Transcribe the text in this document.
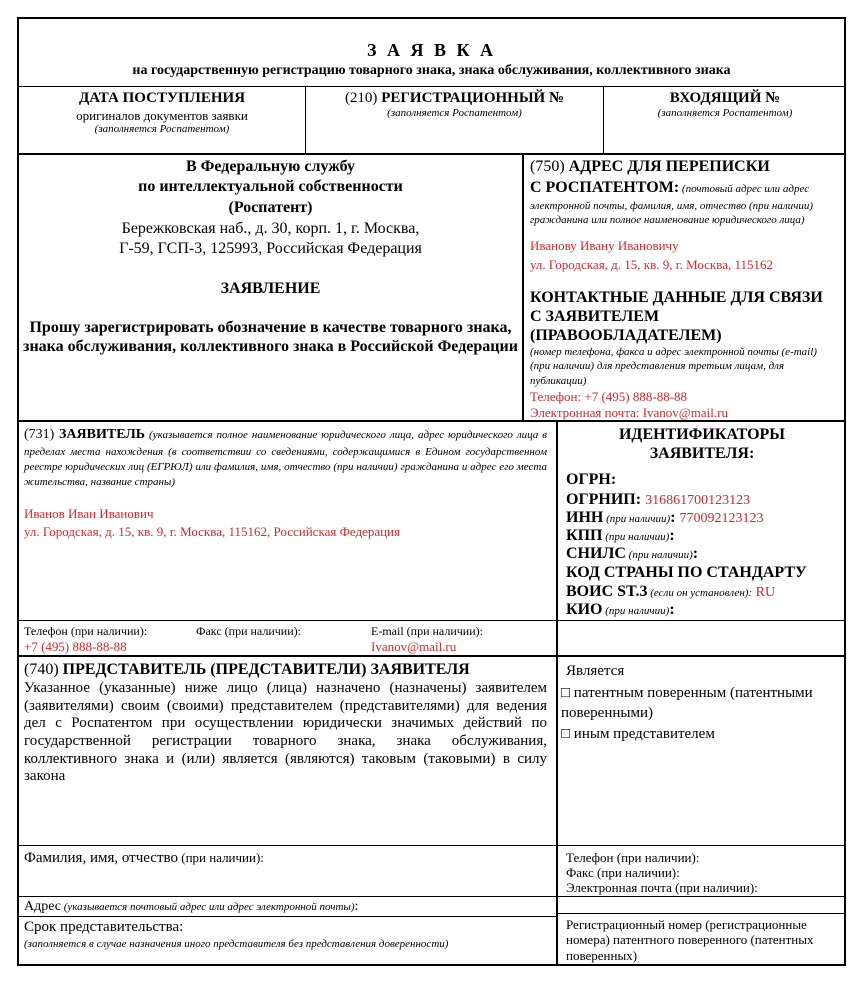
З А Я В К А
на государственную регистрацию товарного знака, знака обслуживания, коллективного знака
ДАТА ПОСТУПЛЕНИЯ
оригиналов документов заявки
(заполняется Роспатентом)
(210) РЕГИСТРАЦИОННЫЙ №
(заполняется Роспатентом)
ВХОДЯЩИЙ №
(заполняется Роспатентом)
В Федеральную службу
по интеллектуальной собственности
(Роспатент)
Бережковская наб., д. 30, корп. 1, г. Москва,
Г-59, ГСП-3, 125993, Российская Федерация
ЗАЯВЛЕНИЕ
Прошу зарегистрировать обозначение в качестве товарного знака, знака обслуживания, коллективного знака в Российской Федерации
(750) АДРЕС ДЛЯ ПЕРЕПИСКИ
С РОСПАТЕНТОМ: (почтовый адрес или адрес электронной почты, фамилия, имя, отчество (при наличии) гражданина или полное наименование юридического лица)
Иванову Ивану Ивановичу
ул. Городская, д. 15, кв. 9, г. Москва, 115162
КОНТАКТНЫЕ ДАННЫЕ ДЛЯ СВЯЗИ С ЗАЯВИТЕЛЕМ (ПРАВООБЛАДАТЕЛЕМ)
(номер телефона, факса и адрес электронной почты (e-mail) (при наличии) для представления третьим лицам, для публикации)
Телефон: +7 (495) 888-88-88
Электронная почта: Ivanov@mail.ru
(731) ЗАЯВИТЕЛЬ (указывается полное наименование юридического лица, адрес юридического лица в пределах места нахождения (в соответствии со сведениями, содержащимися в Едином государственном реестре юридических лиц (ЕГРЮЛ) или фамилия, имя, отчество (при наличии) гражданина и адрес его места жительства, название страны)
Иванов Иван Иванович
ул. Городская, д. 15, кв. 9, г. Москва, 115162, Российская Федерация
Телефон (при наличии):
+7 (495) 888-88-88
Факс (при наличии):	E-mail (при наличии):
Ivanov@mail.ru
ИДЕНТИФИКАТОРЫ
ЗАЯВИТЕЛЯ:
ОГРН:
ОГРНИП: 316861700123123
ИНН (при наличии): 770092123123
КПП (при наличии):
СНИЛС (при наличии):
КОД СТРАНЫ ПО СТАНДАРТУ
ВОИС ST.3 (если он установлен): RU
КИО (при наличии):
(740) ПРЕДСТАВИТЕЛЬ (ПРЕДСТАВИТЕЛИ) ЗАЯВИТЕЛЯ
Указанное (указанные) ниже лицо (лица) назначено (назначены) заявителем (заявителями) своим (своими) представителем (представителями) для ведения дел с Роспатентом при осуществлении юридически значимых действий по государственной регистрации товарного знака, знака обслуживания, коллективного знака и (или) является (являются) таковым (таковыми) в силу закона
Является
□ патентным поверенным (патентными поверенными)
□ иным представителем
Фамилия, имя, отчество (при наличии):	Телефон (при наличии):
Факс (при наличии):
Электронная почта (при наличии):
Адрес (указывается почтовый адрес или адрес электронной почты):
Срок представительства:
(заполняется в случае назначения иного представителя без представления доверенности)
Регистрационный номер (регистрационные номера) патентного поверенного (патентных поверенных)
